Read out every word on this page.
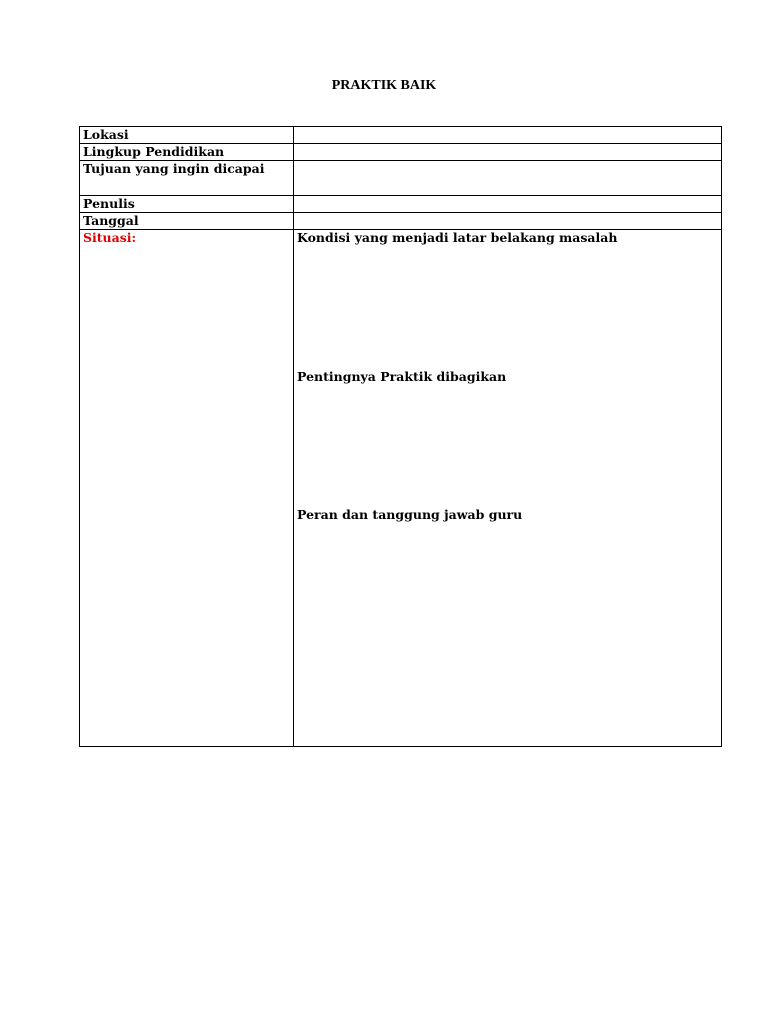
PRAKTIK BAIK
Lokasi	
Lingkup Pendidikan	
Tujuan yang ingin dicapai	
Penulis	
Tanggal	
Situasi:	Kondisi yang menjadi latar belakang masalah
Pentingnya Praktik dibagikan
Peran dan tanggung jawab guru
